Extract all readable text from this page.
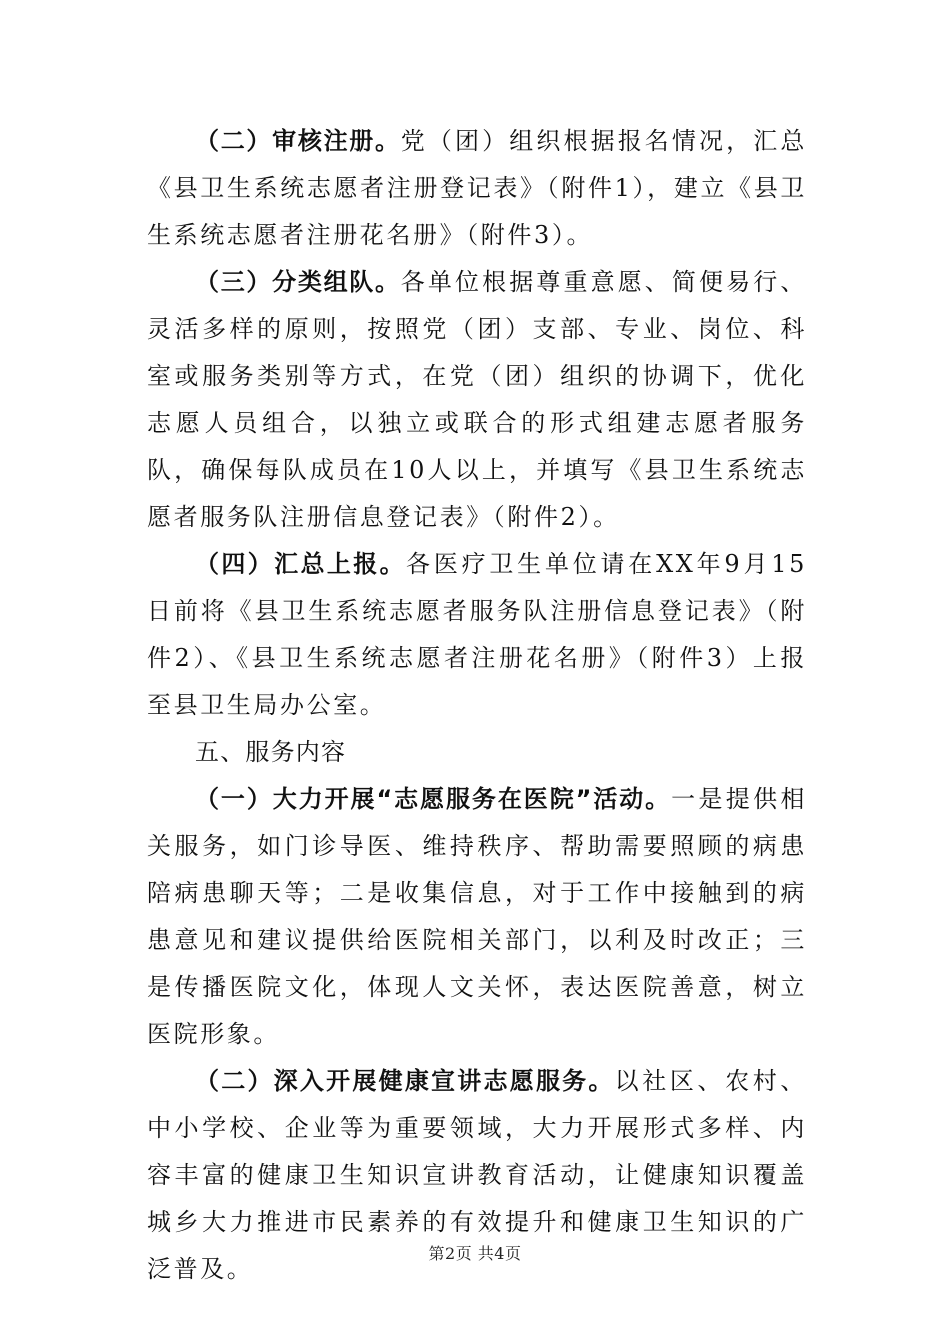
（二）审核注册。党（团）组织根据报名情况，汇总《县卫生系统志愿者注册登记表》（附件1），建立《县卫生系统志愿者注册花名册》（附件3）。

（三）分类组队。各单位根据尊重意愿、简便易行、灵活多样的原则，按照党（团）支部、专业、岗位、科室或服务类别等方式，在党（团）组织的协调下，优化志愿人员组合，以独立或联合的形式组建志愿者服务队，确保每队成员在10人以上，并填写《县卫生系统志愿者服务队注册信息登记表》（附件2）。

（四）汇总上报。各医疗卫生单位请在XX年9月15日前将《县卫生系统志愿者服务队注册信息登记表》（附件2）、《县卫生系统志愿者注册花名册》（附件3）上报至县卫生局办公室。

五、服务内容

（一）大力开展“志愿服务在医院”活动。一是提供相关服务，如门诊导医、维持秩序、帮助需要照顾的病患陪病患聊天等；二是收集信息，对于工作中接触到的病患意见和建议提供给医院相关部门，以利及时改正；三是传播医院文化，体现人文关怀，表达医院善意，树立医院形象。

（二）深入开展健康宣讲志愿服务。以社区、农村、中小学校、企业等为重要领域，大力开展形式多样、内容丰富的健康卫生知识宣讲教育活动，让健康知识覆盖城乡大力推进市民素养的有效提升和健康卫生知识的广泛普及。

第2页 共4页
